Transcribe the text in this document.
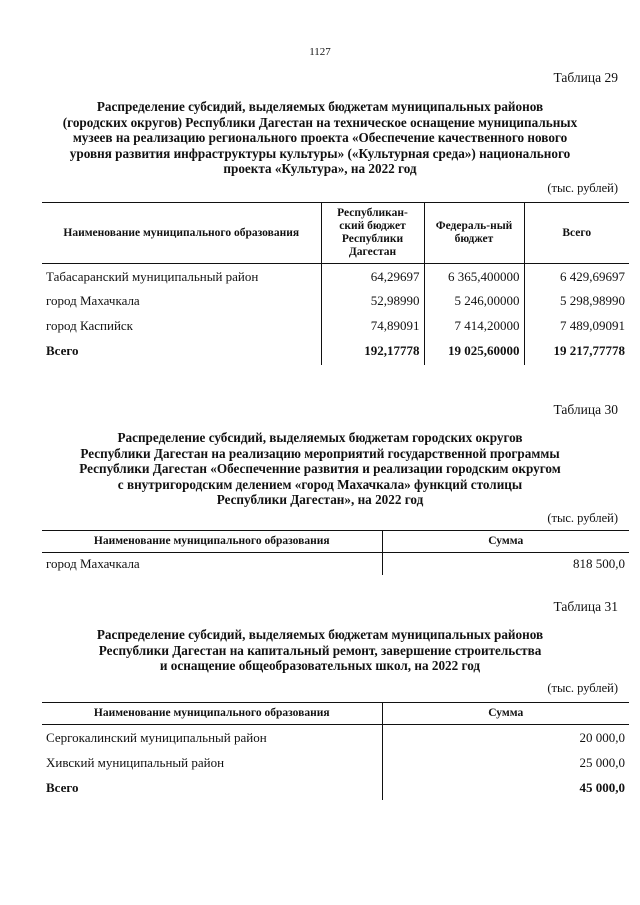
1127
Таблица 29
Распределение субсидий, выделяемых бюджетам муниципальных районов
(городских округов) Республики Дагестан на техническое оснащение муниципальных
музеев на реализацию регионального проекта «Обеспечение качественного нового
уровня развития инфраструктуры культуры» («Культурная среда») национального
проекта «Культура», на 2022 год
(тыс. рублей)
Наименование муниципального образования	Республикан-ский бюджет Республики Дагестан	Федераль-ный бюджет	Всего
Табасаранский муниципальный район	64,29697	6 365,400000	6 429,69697
город Махачкала	52,98990	5 246,00000	5 298,98990
город Каспийск	74,89091	7 414,20000	7 489,09091
Всего	192,17778	19 025,60000	19 217,77778
Таблица 30
Распределение субсидий, выделяемых бюджетам городских округов
Республики Дагестан на реализацию мероприятий государственной программы
Республики Дагестан «Обеспеченние развития и реализации городским округом
с внутригородским делением «город Махачкала» функций столицы
Республики Дагестан», на 2022 год
(тыс. рублей)
Наименование муниципального образования	Сумма
город Махачкала	818 500,0
Таблица 31
Распределение субсидий, выделяемых бюджетам муниципальных районов
Республики Дагестан на капитальный ремонт, завершение строительства
и оснащение общеобразовательных школ, на 2022 год
(тыс. рублей)
Наименование муниципального образования	Сумма
Сергокалинский муниципальный район	20 000,0
Хивский муниципальный район	25 000,0
Всего	45 000,0
